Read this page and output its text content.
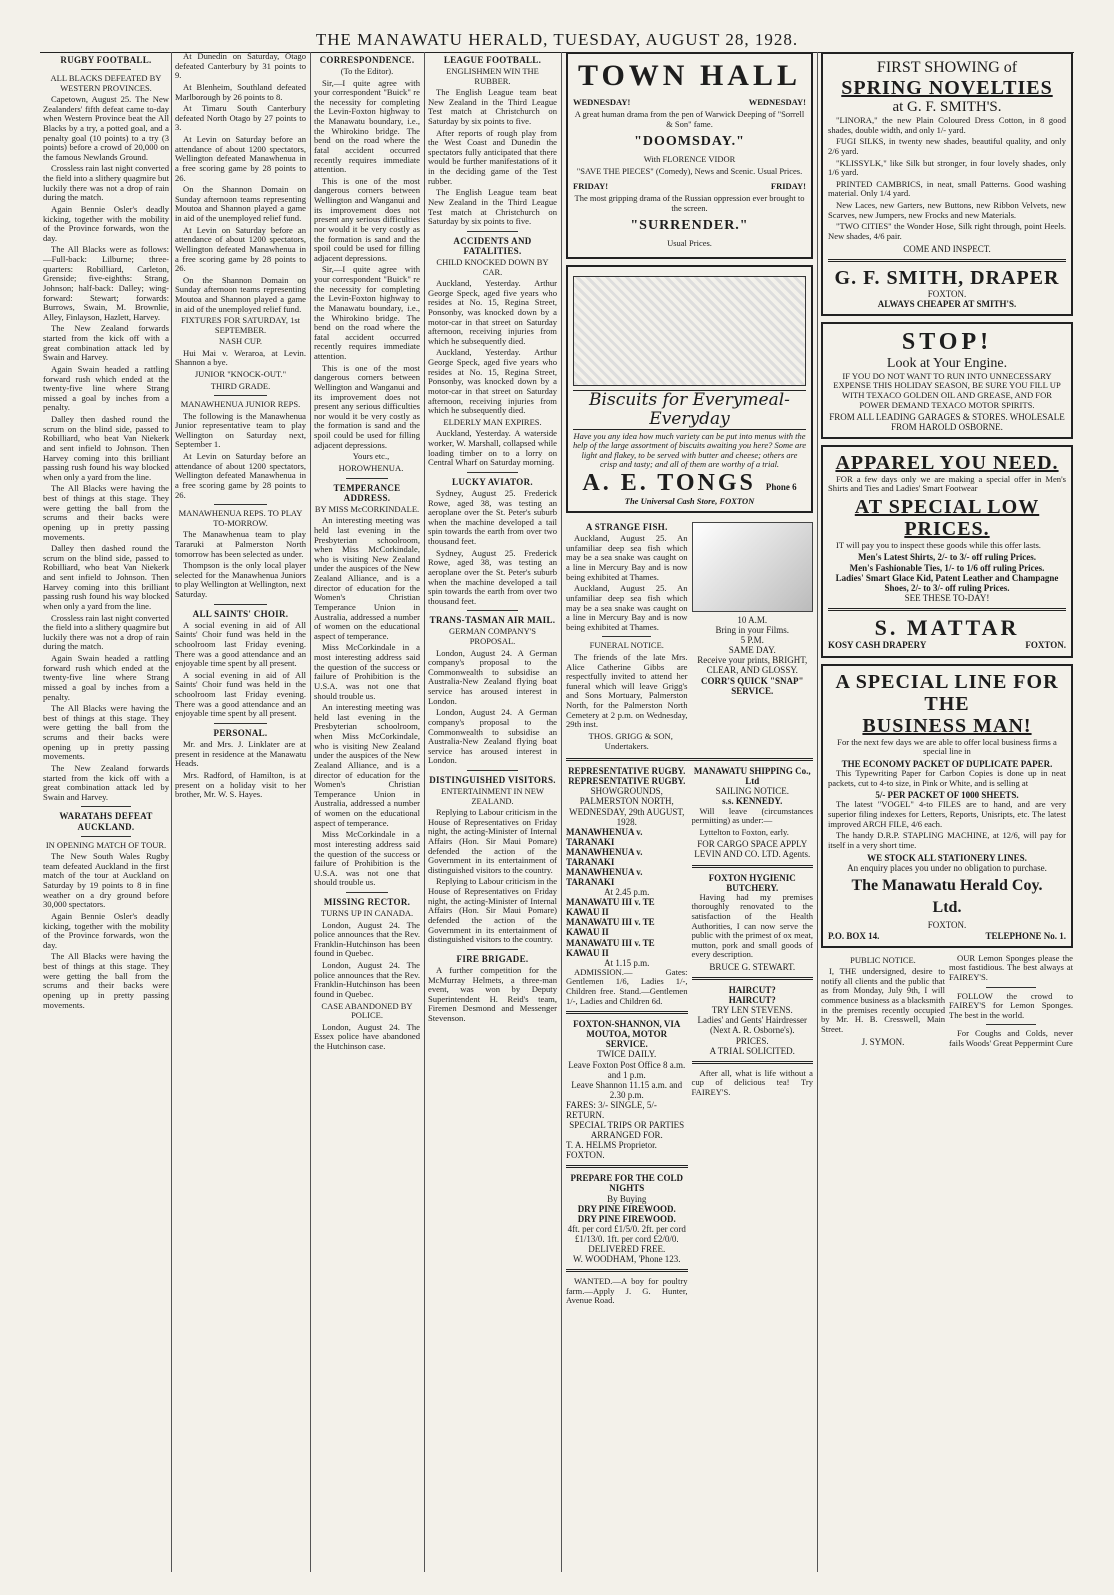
THE MANAWATU HERALD, TUESDAY, AUGUST 28, 1928.
RUGBY FOOTBALL.
ALL BLACKS DEFEATED BY WESTERN PROVINCES.

Capetown, August 25. The New Zealanders' fifth defeat came to-day when Western Province beat the All Blacks by a try, a potted goal, and a penalty goal (10 points) to a try (3 points) before a crowd of 20,000 on the famous Newlands Ground.

Crossless rain last night converted the field into a slithery quagmire but luckily there was not a drop of rain during the match.

Again Bennie Osler's deadly kicking, together with the mobility of the Province forwards, won the day.

The All Blacks were as follows:—Full-back: Lilburne; three-quarters: Robilliard, Carleton, Grenside; five-eighths: Strang, Johnson; half-back: Dalley; wing-forward: Stewart; forwards: Burrows, Swain, M. Brownlie, Alley, Finlayson, Hazlett, Harvey.

The New Zealand forwards started from the kick off with a great combination attack led by Swain and Harvey.

Again Swain headed a rattling forward rush which ended at the twenty-five line where Strang missed a goal by inches from a penalty.

Dalley then dashed round the scrum on the blind side, passed to Robilliard, who beat Van Niekerk and sent infield to Johnson. Then Harvey coming into this brilliant passing rush found his way blocked when only a yard from the line.

The All Blacks were having the best of things at this stage. They were getting the ball from the scrums and their backs were opening up in pretty passing movements.

Dalley then dashed round the scrum on the blind side, passed to Robilliard, who beat Van Niekerk and sent infield to Johnson. Then Harvey coming into this brilliant passing rush found his way blocked when only a yard from the line.

Crossless rain last night converted the field into a slithery quagmire but luckily there was not a drop of rain during the match.

Again Swain headed a rattling forward rush which ended at the twenty-five line where Strang missed a goal by inches from a penalty.

The All Blacks were having the best of things at this stage. They were getting the ball from the scrums and their backs were opening up in pretty passing movements.

The New Zealand forwards started from the kick off with a great combination attack led by Swain and Harvey.

WARATAHS DEFEAT AUCKLAND.
IN OPENING MATCH OF TOUR.

The New South Wales Rugby team defeated Auckland in the first match of the tour at Auckland on Saturday by 19 points to 8 in fine weather on a dry ground before 30,000 spectators.

Again Bennie Osler's deadly kicking, together with the mobility of the Province forwards, won the day.

The All Blacks were having the best of things at this stage. They were getting the ball from the scrums and their backs were opening up in pretty passing movements.

At Dunedin on Saturday, Otago defeated Canterbury by 31 points to 9.

At Blenheim, Southland defeated Marlborough by 26 points to 8.

At Timaru South Canterbury defeated North Otago by 27 points to 3.

At Levin on Saturday before an attendance of about 1200 spectators, Wellington defeated Manawhenua in a free scoring game by 28 points to 26.

On the Shannon Domain on Sunday afternoon teams representing Moutoa and Shannon played a game in aid of the unemployed relief fund.

At Levin on Saturday before an attendance of about 1200 spectators, Wellington defeated Manawhenua in a free scoring game by 28 points to 26.

On the Shannon Domain on Sunday afternoon teams representing Moutoa and Shannon played a game in aid of the unemployed relief fund.

FIXTURES FOR SATURDAY, 1st SEPTEMBER.
NASH CUP.

Hui Mai v. Weraroa, at Levin. Shannon a bye.

JUNIOR "KNOCK-OUT."
THIRD GRADE.
MANAWHENUA JUNIOR REPS.

The following is the Manawhenua Junior representative team to play Wellington on Saturday next, September 1.

At Levin on Saturday before an attendance of about 1200 spectators, Wellington defeated Manawhenua in a free scoring game by 28 points to 26.

MANAWHENUA REPS. TO PLAY TO-MORROW.

The Manawhenua team to play Tararuki at Palmerston North tomorrow has been selected as under.

Thompson is the only local player selected for the Manawhenua Juniors to play Wellington at Wellington, next Saturday.

ALL SAINTS' CHOIR.

A social evening in aid of All Saints' Choir fund was held in the schoolroom last Friday evening. There was a good attendance and an enjoyable time spent by all present.

A social evening in aid of All Saints' Choir fund was held in the schoolroom last Friday evening. There was a good attendance and an enjoyable time spent by all present.

PERSONAL.

Mr. and Mrs. J. Linklater are at present in residence at the Manawatu Heads.

Mrs. Radford, of Hamilton, is at present on a holiday visit to her brother, Mr. W. S. Hayes.

CORRESPONDENCE.
(To the Editor).

Sir,—I quite agree with your correspondent "Buick" re the necessity for completing the Levin-Foxton highway to the Manawatu boundary, i.e., the Whirokino bridge. The bend on the road where the fatal accident occurred recently requires immediate attention.

This is one of the most dangerous corners between Wellington and Wanganui and its improvement does not present any serious difficulties nor would it be very costly as the formation is sand and the spoil could be used for filling adjacent depressions.

Sir,—I quite agree with your correspondent "Buick" re the necessity for completing the Levin-Foxton highway to the Manawatu boundary, i.e., the Whirokino bridge. The bend on the road where the fatal accident occurred recently requires immediate attention.

This is one of the most dangerous corners between Wellington and Wanganui and its improvement does not present any serious difficulties nor would it be very costly as the formation is sand and the spoil could be used for filling adjacent depressions.

Yours etc.,

HOROWHENUA.

TEMPERANCE ADDRESS.
BY MISS McCORKINDALE.

An interesting meeting was held last evening in the Presbyterian schoolroom, when Miss McCorkindale, who is visiting New Zealand under the auspices of the New Zealand Alliance, and is a director of education for the Women's Christian Temperance Union in Australia, addressed a number of women on the educational aspect of temperance.

Miss McCorkindale in a most interesting address said the question of the success or failure of Prohibition is the U.S.A. was not one that should trouble us.

An interesting meeting was held last evening in the Presbyterian schoolroom, when Miss McCorkindale, who is visiting New Zealand under the auspices of the New Zealand Alliance, and is a director of education for the Women's Christian Temperance Union in Australia, addressed a number of women on the educational aspect of temperance.

Miss McCorkindale in a most interesting address said the question of the success or failure of Prohibition is the U.S.A. was not one that should trouble us.

MISSING RECTOR.
TURNS UP IN CANADA.

London, August 24. The police announces that the Rev. Franklin-Hutchinson has been found in Quebec.

London, August 24. The police announces that the Rev. Franklin-Hutchinson has been found in Quebec.

CASE ABANDONED BY POLICE.

London, August 24. The Essex police have abandoned the Hutchinson case.

LEAGUE FOOTBALL.
ENGLISHMEN WIN THE RUBBER.

The English League team beat New Zealand in the Third League Test match at Christchurch on Saturday by six points to five.

After reports of rough play from the West Coast and Dunedin the spectators fully anticipated that there would be further manifestations of it in the deciding game of the Test rubber.

The English League team beat New Zealand in the Third League Test match at Christchurch on Saturday by six points to five.

ACCIDENTS AND FATALITIES.
CHILD KNOCKED DOWN BY CAR.

Auckland, Yesterday. Arthur George Speck, aged five years who resides at No. 15, Regina Street, Ponsonby, was knocked down by a motor-car in that street on Saturday afternoon, receiving injuries from which he subsequently died.

Auckland, Yesterday. Arthur George Speck, aged five years who resides at No. 15, Regina Street, Ponsonby, was knocked down by a motor-car in that street on Saturday afternoon, receiving injuries from which he subsequently died.

ELDERLY MAN EXPIRES.

Auckland, Yesterday. A waterside worker, W. Marshall, collapsed while loading timber on to a lorry on Central Wharf on Saturday morning.

LUCKY AVIATOR.

Sydney, August 25. Frederick Rowe, aged 38, was testing an aeroplane over the St. Peter's suburb when the machine developed a tail spin towards the earth from over two thousand feet.

Sydney, August 25. Frederick Rowe, aged 38, was testing an aeroplane over the St. Peter's suburb when the machine developed a tail spin towards the earth from over two thousand feet.

TRANS-TASMAN AIR MAIL.
GERMAN COMPANY'S PROPOSAL.

London, August 24. A German company's proposal to the Commonwealth to subsidise an Australia-New Zealand flying boat service has aroused interest in London.

London, August 24. A German company's proposal to the Commonwealth to subsidise an Australia-New Zealand flying boat service has aroused interest in London.

DISTINGUISHED VISITORS.
ENTERTAINMENT IN NEW ZEALAND.

Replying to Labour criticism in the House of Representatives on Friday night, the acting-Minister of Internal Affairs (Hon. Sir Maui Pomare) defended the action of the Government in its entertainment of distinguished visitors to the country.

Replying to Labour criticism in the House of Representatives on Friday night, the acting-Minister of Internal Affairs (Hon. Sir Maui Pomare) defended the action of the Government in its entertainment of distinguished visitors to the country.

FIRE BRIGADE.

A further competition for the McMurray Helmets, a three-man event, was won by Deputy Superintendent H. Reid's team, Firemen Desmond and Messenger Stevenson.

TOWN HALL
WEDNESDAY!	WEDNESDAY!
A great human drama from the pen of Warwick Deeping of "Sorrell & Son" fame.
"DOOMSDAY."
With FLORENCE VIDOR
"SAVE THE PIECES" (Comedy), News and Scenic. Usual Prices.
FRIDAY!	FRIDAY!
The most gripping drama of the Russian oppression ever brought to the screen.
"SURRENDER."
Usual Prices.
Biscuits for Everymeal-Everyday
Have you any idea how much variety can be put into menus with the help of the large assortment of biscuits awaiting you here? Some are light and flakey, to be served with butter and cheese; others are crisp and tasty; and all of them are worthy of a trial.
A. E. TONGS Phone 6
The Universal Cash Store, FOXTON
A STRANGE FISH.

Auckland, August 25. An unfamiliar deep sea fish which may be a sea snake was caught on a line in Mercury Bay and is now being exhibited at Thames.

Auckland, August 25. An unfamiliar deep sea fish which may be a sea snake was caught on a line in Mercury Bay and is now being exhibited at Thames.

FUNERAL NOTICE.

The friends of the late Mrs. Alice Catherine Gibbs are respectfully invited to attend her funeral which will leave Grigg's and Sons Mortuary, Palmerston North, for the Palmerston North Cemetery at 2 p.m. on Wednesday, 29th inst.

THOS. GRIGG & SON, Undertakers.

10 A.M.
Bring in your Films.
5 P.M.
SAME DAY.
Receive your prints, BRIGHT, CLEAR, AND GLOSSY.
CORR'S QUICK "SNAP" SERVICE.
REPRESENTATIVE RUGBY. REPRESENTATIVE RUGBY.
SHOWGROUNDS, PALMERSTON NORTH, WEDNESDAY, 29th AUGUST, 1928.
MANAWHENUA v. TARANAKI
MANAWHENUA v. TARANAKI
MANAWHENUA v. TARANAKI
At 2.45 p.m.
MANAWATU III v. TE KAWAU II
MANAWATU III v. TE KAWAU II
MANAWATU III v. TE KAWAU II
At 1.15 p.m.

ADMISSION.— Gates: Gentlemen 1/6, Ladies 1/-, Children free. Stand.—Gentlemen 1/-, Ladies and Children 6d.

FOXTON-SHANNON, VIA MOUTOA, MOTOR SERVICE.
TWICE DAILY.
Leave Foxton Post Office 8 a.m. and 1 p.m.
Leave Shannon 11.15 a.m. and 2.30 p.m.
FARES: 3/- SINGLE, 5/- RETURN.
SPECIAL TRIPS OR PARTIES ARRANGED FOR.
T. A. HELMS Proprietor. FOXTON.
PREPARE FOR THE COLD NIGHTS
By Buying
DRY PINE FIREWOOD.
DRY PINE FIREWOOD.
4ft. per cord £1/5/0. 2ft. per cord £1/13/0. 1ft. per cord £2/0/0.
DELIVERED FREE.
W. WOODHAM, 'Phone 123.

WANTED.—A boy for poultry farm.—Apply J. G. Hunter, Avenue Road.

MANAWATU SHIPPING Co., Ltd
SAILING NOTICE.
s.s. KENNEDY.

Will leave (circumstances permitting) as under:—

Lyttelton to Foxton, early.

FOR CARGO SPACE APPLY LEVIN AND CO. LTD. Agents.
FOXTON HYGIENIC BUTCHERY.

Having had my premises thoroughly renovated to the satisfaction of the Health Authorities, I can now serve the public with the primest of ox meat, mutton, pork and small goods of every description.

BRUCE G. STEWART.
HAIRCUT?
HAIRCUT?
TRY LEN STEVENS.
Ladies' and Gents' Hairdresser (Next A. R. Osborne's).
PRICES.
A TRIAL SOLICITED.

After all, what is life without a cup of delicious tea! Try FAIREY'S.

FIRST SHOWING of
SPRING NOVELTIES
at G. F. SMITH'S.

"LINORA," the new Plain Coloured Dress Cotton, in 8 good shades, double width, and only 1/- yard.

FUGI SILKS, in twenty new shades, beautiful quality, and only 2/6 yard.

"KLISSYLK," like Silk but stronger, in four lovely shades, only 1/6 yard.

PRINTED CAMBRICS, in neat, small Patterns. Good washing material. Only 1/4 yard.

New Laces, new Garters, new Buttons, new Ribbon Velvets, new Scarves, new Jumpers, new Frocks and new Materials.

"TWO CITIES" the Wonder Hose, Silk right through, point Heels. New shades, 4/6 pair.

COME AND INSPECT.
G. F. SMITH, DRAPER
FOXTON.
ALWAYS CHEAPER AT SMITH'S.
STOP!
Look at Your Engine.

IF YOU DO NOT WANT TO RUN INTO UNNECESSARY EXPENSE THIS HOLIDAY SEASON, BE SURE YOU FILL UP WITH TEXACO GOLDEN OIL AND GREASE, AND FOR POWER DEMAND TEXACO MOTOR SPIRITS.

FROM ALL LEADING GARAGES & STORES. WHOLESALE FROM HAROLD OSBORNE.
APPAREL YOU NEED.

FOR a few days only we are making a special offer in Men's Shirts and Ties and Ladies' Smart Footwear

AT SPECIAL LOW PRICES.

IT will pay you to inspect these goods while this offer lasts.

Men's Latest Shirts, 2/- to 3/- off ruling Prices.
Men's Fashionable Ties, 1/- to 1/6 off ruling Prices.
Ladies' Smart Glace Kid, Patent Leather and Champagne Shoes, 2/- to 3/- off ruling Prices.
SEE THESE TO-DAY!
S. MATTAR
KOSY CASH DRAPERY	FOXTON.
A SPECIAL LINE FOR THE
BUSINESS MAN!

For the next few days we are able to offer local business firms a special line in

THE ECONOMY PACKET OF DUPLICATE PAPER.

This Typewriting Paper for Carbon Copies is done up in neat packets, cut to 4-to size, in Pink or White, and is selling at

5/- PER PACKET OF 1000 SHEETS.

The latest "VOGEL" 4-to FILES are to hand, and are very superior filing indexes for Letters, Reports, Unisripts, etc. The latest improved ARCH FILE, 4/6 each.

The handy D.R.P. STAPLING MACHINE, at 12/6, will pay for itself in a very short time.

WE STOCK ALL STATIONERY LINES.
An enquiry places you under no obligation to purchase.
The Manawatu Herald Coy.
Ltd.
FOXTON.
P.O. BOX 14.	TELEPHONE No. 1.
PUBLIC NOTICE.

I, THE undersigned, desire to notify all clients and the public that as from Monday, July 9th, I will commence business as a blacksmith in the premises recently occupied by Mr. H. B. Cresswell, Main Street.

J. SYMON.

OUR Lemon Sponges please the most fastidious. The best always at FAIREY'S.

FOLLOW the crowd to FAIREY'S for Lemon Sponges. The best in the world.

For Coughs and Colds, never fails Woods' Great Peppermint Cure
